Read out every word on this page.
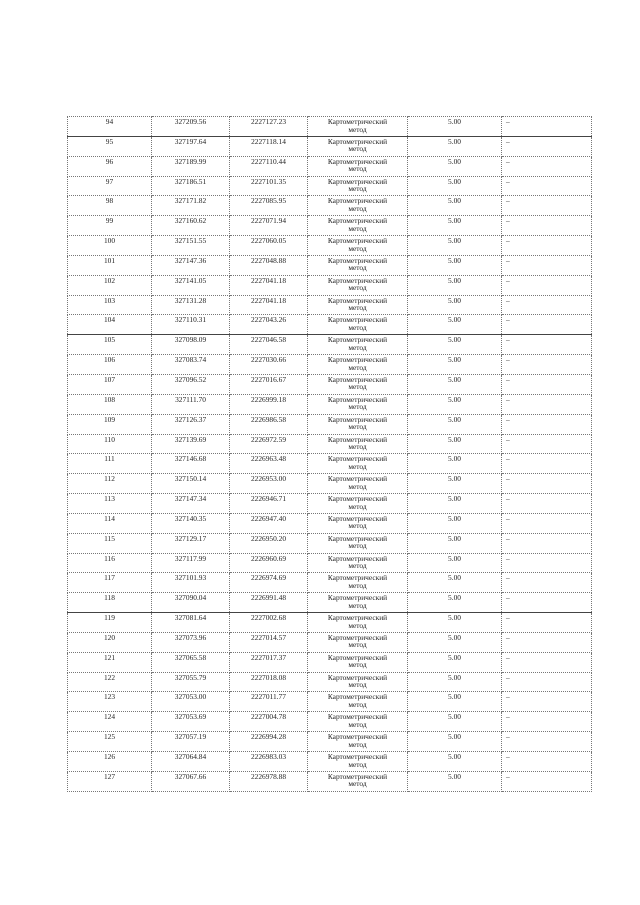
94	327209.56	2227127.23	Картометрический
метод	5.00	–
95	327197.64	2227118.14	Картометрический
метод	5.00	–
96	327189.99	2227110.44	Картометрический
метод	5.00	–
97	327186.51	2227101.35	Картометрический
метод	5.00	–
98	327171.82	2227085.95	Картометрический
метод	5.00	–
99	327160.62	2227071.94	Картометрический
метод	5.00	–
100	327151.55	2227060.05	Картометрический
метод	5.00	–
101	327147.36	2227048.88	Картометрический
метод	5.00	–
102	327141.05	2227041.18	Картометрический
метод	5.00	–
103	327131.28	2227041.18	Картометрический
метод	5.00	–
104	327110.31	2227043.26	Картометрический
метод	5.00	–
105	327098.09	2227046.58	Картометрический
метод	5.00	–
106	327083.74	2227030.66	Картометрический
метод	5.00	–
107	327096.52	2227016.67	Картометрический
метод	5.00	–
108	327111.70	2226999.18	Картометрический
метод	5.00	–
109	327126.37	2226986.58	Картометрический
метод	5.00	–
110	327139.69	2226972.59	Картометрический
метод	5.00	–
111	327146.68	2226963.48	Картометрический
метод	5.00	–
112	327150.14	2226953.00	Картометрический
метод	5.00	–
113	327147.34	2226946.71	Картометрический
метод	5.00	–
114	327140.35	2226947.40	Картометрический
метод	5.00	–
115	327129.17	2226950.20	Картометрический
метод	5.00	–
116	327117.99	2226960.69	Картометрический
метод	5.00	–
117	327101.93	2226974.69	Картометрический
метод	5.00	–
118	327090.04	2226991.48	Картометрический
метод	5.00	–
119	327081.64	2227002.68	Картометрический
метод	5.00	–
120	327073.96	2227014.57	Картометрический
метод	5.00	–
121	327065.58	2227017.37	Картометрический
метод	5.00	–
122	327055.79	2227018.08	Картометрический
метод	5.00	–
123	327053.00	2227011.77	Картометрический
метод	5.00	–
124	327053.69	2227004.78	Картометрический
метод	5.00	–
125	327057.19	2226994.28	Картометрический
метод	5.00	–
126	327064.84	2226983.03	Картометрический
метод	5.00	–
127	327067.66	2226978.88	Картометрический
метод	5.00	–
